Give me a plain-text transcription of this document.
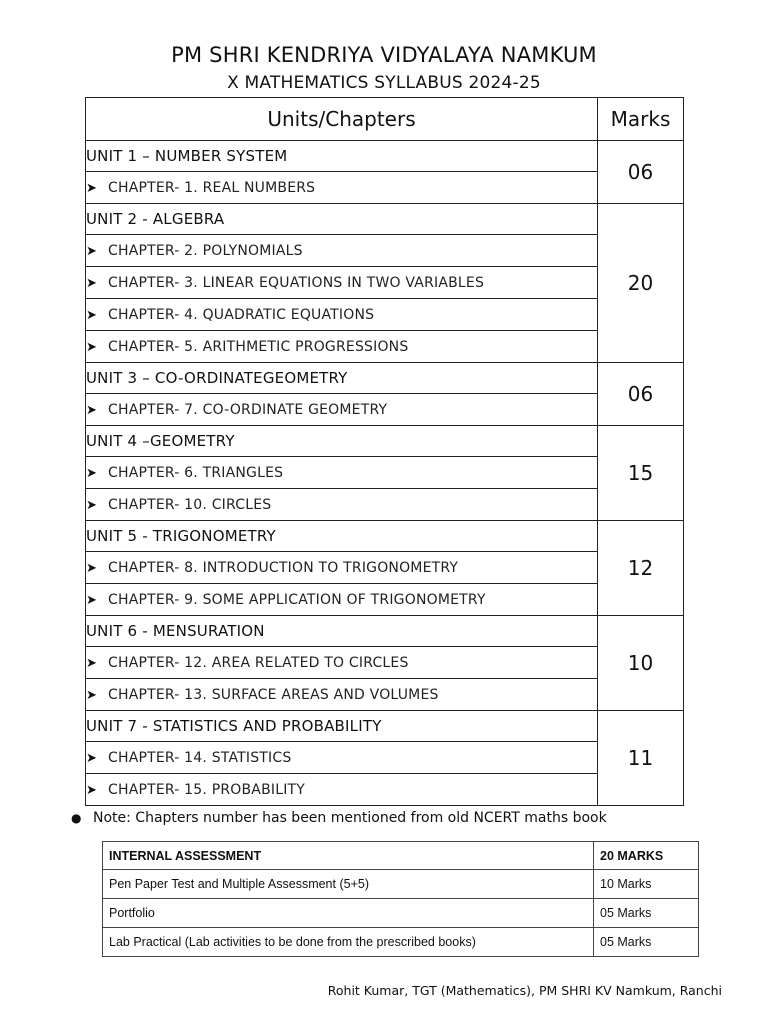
PM SHRI KENDRIYA VIDYALAYA NAMKUM
X MATHEMATICS SYLLABUS 2024-25
Units/Chapters	Marks
UNIT 1 – NUMBER SYSTEM	06
➤ CHAPTER- 1. REAL NUMBERS	
UNIT 2 - ALGEBRA	20
➤ CHAPTER- 2. POLYNOMIALS	
➤ CHAPTER- 3. LINEAR EQUATIONS IN TWO VARIABLES	
➤ CHAPTER- 4. QUADRATIC EQUATIONS	
➤ CHAPTER- 5. ARITHMETIC PROGRESSIONS	
UNIT 3 – CO-ORDINATEGEOMETRY	06
➤ CHAPTER- 7. CO-ORDINATE GEOMETRY	
UNIT 4 –GEOMETRY	15
➤ CHAPTER- 6. TRIANGLES	
➤ CHAPTER- 10. CIRCLES	
UNIT 5 - TRIGONOMETRY	12
➤ CHAPTER- 8. INTRODUCTION TO TRIGONOMETRY	
➤ CHAPTER- 9. SOME APPLICATION OF TRIGONOMETRY	
UNIT 6 - MENSURATION	10
➤ CHAPTER- 12. AREA RELATED TO CIRCLES	
➤ CHAPTER- 13. SURFACE AREAS AND VOLUMES	
UNIT 7 - STATISTICS AND PROBABILITY	11
➤ CHAPTER- 14. STATISTICS	
➤ CHAPTER- 15. PROBABILITY	
● Note: Chapters number has been mentioned from old NCERT maths book
INTERNAL ASSESSMENT	20 MARKS
Pen Paper Test and Multiple Assessment (5+5)	10 Marks
Portfolio	05 Marks
Lab Practical (Lab activities to be done from the prescribed books)	05 Marks
Rohit Kumar, TGT (Mathematics), PM SHRI KV Namkum, Ranchi
